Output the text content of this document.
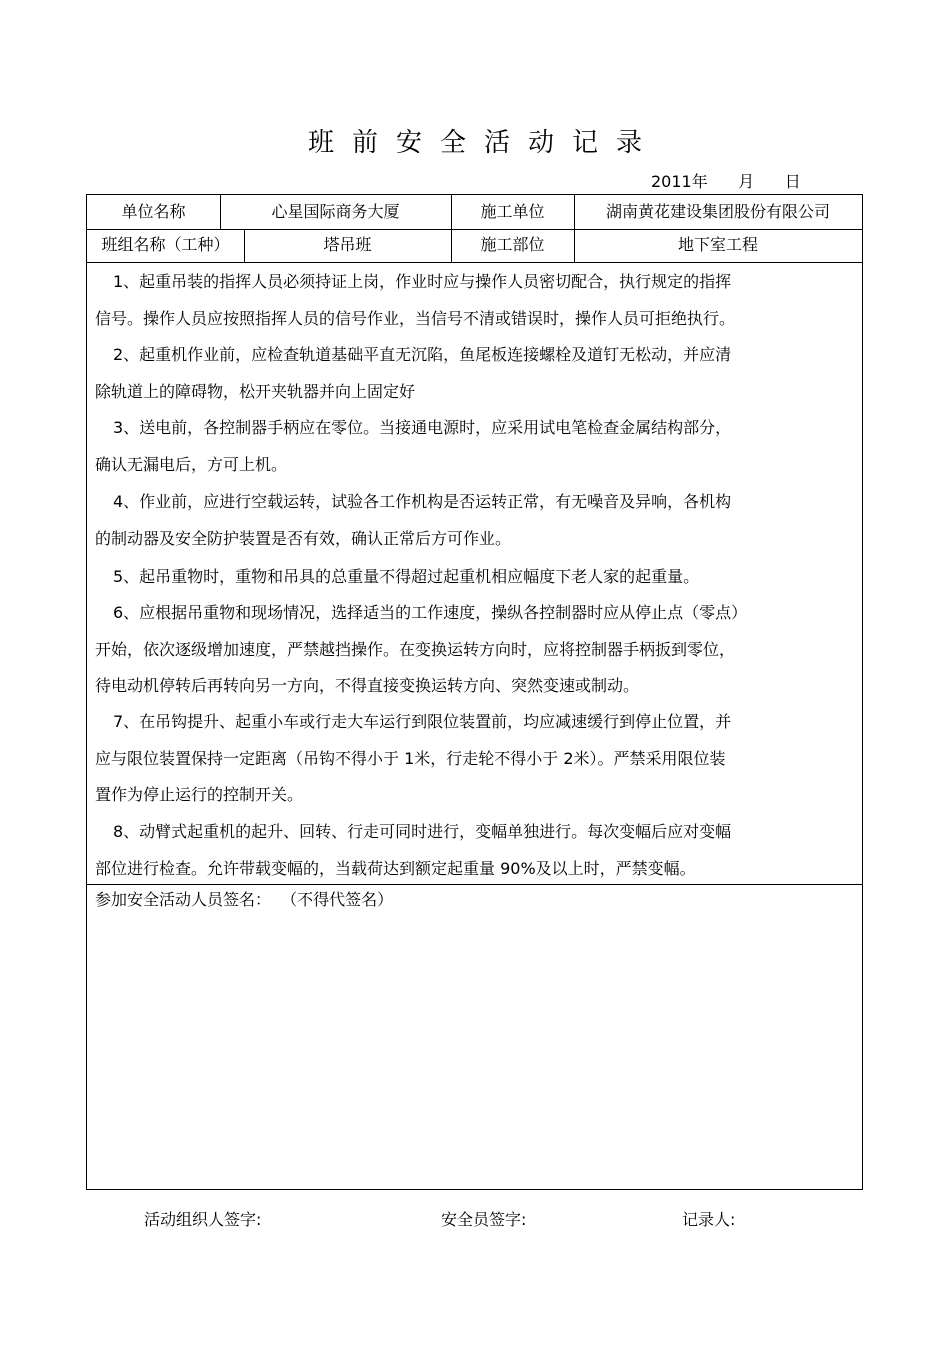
班前安全活动记录
2011年      月      日
单位名称	心星国际商务大厦	施工单位	湖南黄花建设集团股份有限公司
班组名称（工种）	塔吊班	施工部位	地下室工程
1、起重吊装的指挥人员必须持证上岗，作业时应与操作人员密切配合，执行规定的指挥
信号。操作人员应按照指挥人员的信号作业，当信号不清或错误时，操作人员可拒绝执行。
2、起重机作业前，应检查轨道基础平直无沉陷，鱼尾板连接螺栓及道钉无松动，并应清
除轨道上的障碍物，松开夹轨器并向上固定好
3、送电前，各控制器手柄应在零位。当接通电源时，应采用试电笔检查金属结构部分，
确认无漏电后，方可上机。
4、作业前，应进行空载运转，试验各工作机构是否运转正常，有无噪音及异响，各机构
的制动器及安全防护装置是否有效，确认正常后方可作业。
5、起吊重物时，重物和吊具的总重量不得超过起重机相应幅度下老人家的起重量。
6、应根据吊重物和现场情况，选择适当的工作速度，操纵各控制器时应从停止点（零点）
开始，依次逐级增加速度，严禁越挡操作。在变换运转方向时，应将控制器手柄扳到零位，
待电动机停转后再转向另一方向，不得直接变换运转方向、突然变速或制动。
7、在吊钩提升、起重小车或行走大车运行到限位装置前，均应减速缓行到停止位置，并
应与限位装置保持一定距离（吊钩不得小于 1米，行走轮不得小于 2米）。严禁采用限位装
置作为停止运行的控制开关。
8、动臂式起重机的起升、回转、行走可同时进行，变幅单独进行。每次变幅后应对变幅
部位进行检查。允许带载变幅的，当载荷达到额定起重量 90%及以上时，严禁变幅。
参加安全活动人员签名：  （不得代签名）
活动组织人签字:	安全员签字:	记录人:
